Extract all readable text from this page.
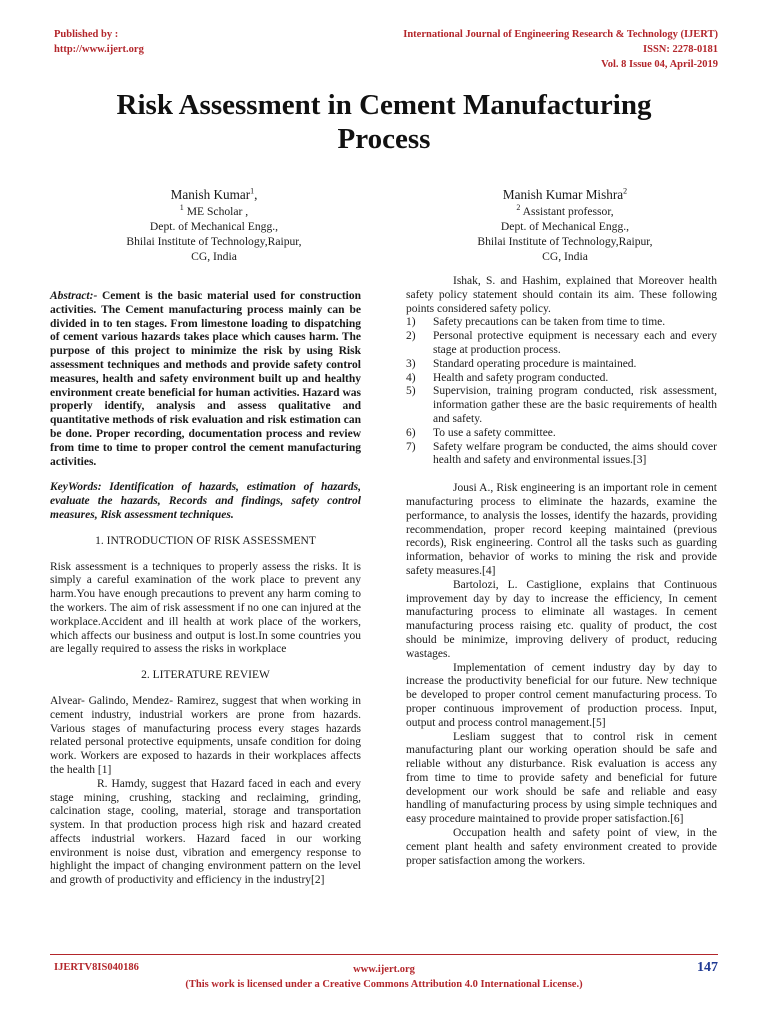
Published by :
http://www.ijert.org
International Journal of Engineering Research & Technology (IJERT)
ISSN: 2278-0181
Vol. 8 Issue 04, April-2019
Risk Assessment in Cement Manufacturing
Process
Manish Kumar$^1$,
$^1$ ME Scholar ,
Dept. of Mechanical Engg.,
Bhilai Institute of Technology,Raipur,
CG, India
Manish Kumar Mishra$^2$
$^2$ Assistant professor,
Dept. of Mechanical Engg.,
Bhilai Institute of Technology,Raipur,
CG, India

Abstract:- Cement is the basic material used for construction activities. The Cement manufacturing process mainly can be divided in to ten stages. From limestone loading to dispatching of cement various hazards takes place which causes harm. The purpose of this project to minimize the risk by using Risk assessment techniques and methods and provide safety control measures, health and safety environment built up and healthy environment create beneficial for human activities. Hazard was properly identify, analysis and assess qualitative and quantitative methods of risk evaluation and risk estimation can be done. Proper recording, documentation process and review from time to time to proper control the cement manufacturing activities.

KeyWords: Identification of hazards, estimation of hazards, evaluate the hazards, Records and findings, safety control measures, Risk assessment techniques.

1. INTRODUCTION OF RISK ASSESSMENT

Risk assessment is a techniques to properly assess the risks. It is simply a careful examination of the work place to prevent any harm.You have enough precautions to prevent any harm coming to the workers. The aim of risk assessment if no one can injured at the workplace.Accident and ill health at work place of the workers, which affects our business and output is lost.In some countries you are legally required to assess the risks in workplace

2. LITERATURE REVIEW

Alvear- Galindo, Mendez- Ramirez, suggest that when working in cement industry, industrial workers are prone from hazards. Various stages of manufacturing process every stages hazards related personal protective equipments, unsafe condition for doing work. Workers are exposed to hazards in their workplaces affects the health [1]

R. Hamdy, suggest that Hazard faced in each and every stage mining, crushing, stacking and reclaiming, grinding, calcination stage, cooling, material, storage and transportation system. In that production process high risk and hazard created affects industrial workers. Hazard faced in our working environment is noise dust, vibration and emergency response to highlight the impact of changing environment pattern on the level and growth of productivity and efficiency in the industry[2]

Ishak, S. and Hashim, explained that Moreover health safety policy statement should contain its aim. These following points considered safety policy.

1)	Safety precautions can be taken from time to time.
2)	Personal protective equipment is necessary each and every stage at production process.
3)	Standard operating procedure is maintained.
4)	Health and safety program conducted.
5)	Supervision, training program conducted, risk assessment, information gather these are the basic requirements of health and safety.
6)	To use a safety committee.
7)	Safety welfare program be conducted, the aims should cover health and safety and environmental issues.[3]

Jousi A., Risk engineering is an important role in cement manufacturing process to eliminate the hazards, examine the performance, to analysis the losses, identify the hazards, providing recommendation, proper record keeping maintained (previous records), Risk engineering. Control all the tasks such as guarding information, behavior of works to mining the risk and provide safety measures.[4]

Bartolozi, L. Castiglione, explains that Continuous improvement day by day to increase the efficiency, In cement manufacturing process to eliminate all wastages. In cement manufacturing process raising etc. quality of product, the cost should be minimize, improving delivery of product, reducing wastages.

Implementation of cement industry day by day to increase the productivity beneficial for our future. New technique be developed to proper control cement manufacturing process. To proper continuous improvement of production process. Input, output and process control management.[5]

Lesliam suggest that to control risk in cement manufacturing plant our working operation should be safe and reliable without any disturbance. Risk evaluation is access any from time to time to provide safety and beneficial for future development our work should be safe and reliable and easy handling of manufacturing process by using simple techniques and easy procedure maintained to provide proper satisfaction.[6]

Occupation health and safety point of view, in the cement plant health and safety environment created to provide proper satisfaction among the workers.

IJERTV8IS040186	www.ijert.org
(This work is licensed under a Creative Commons Attribution 4.0 International License.)
147
